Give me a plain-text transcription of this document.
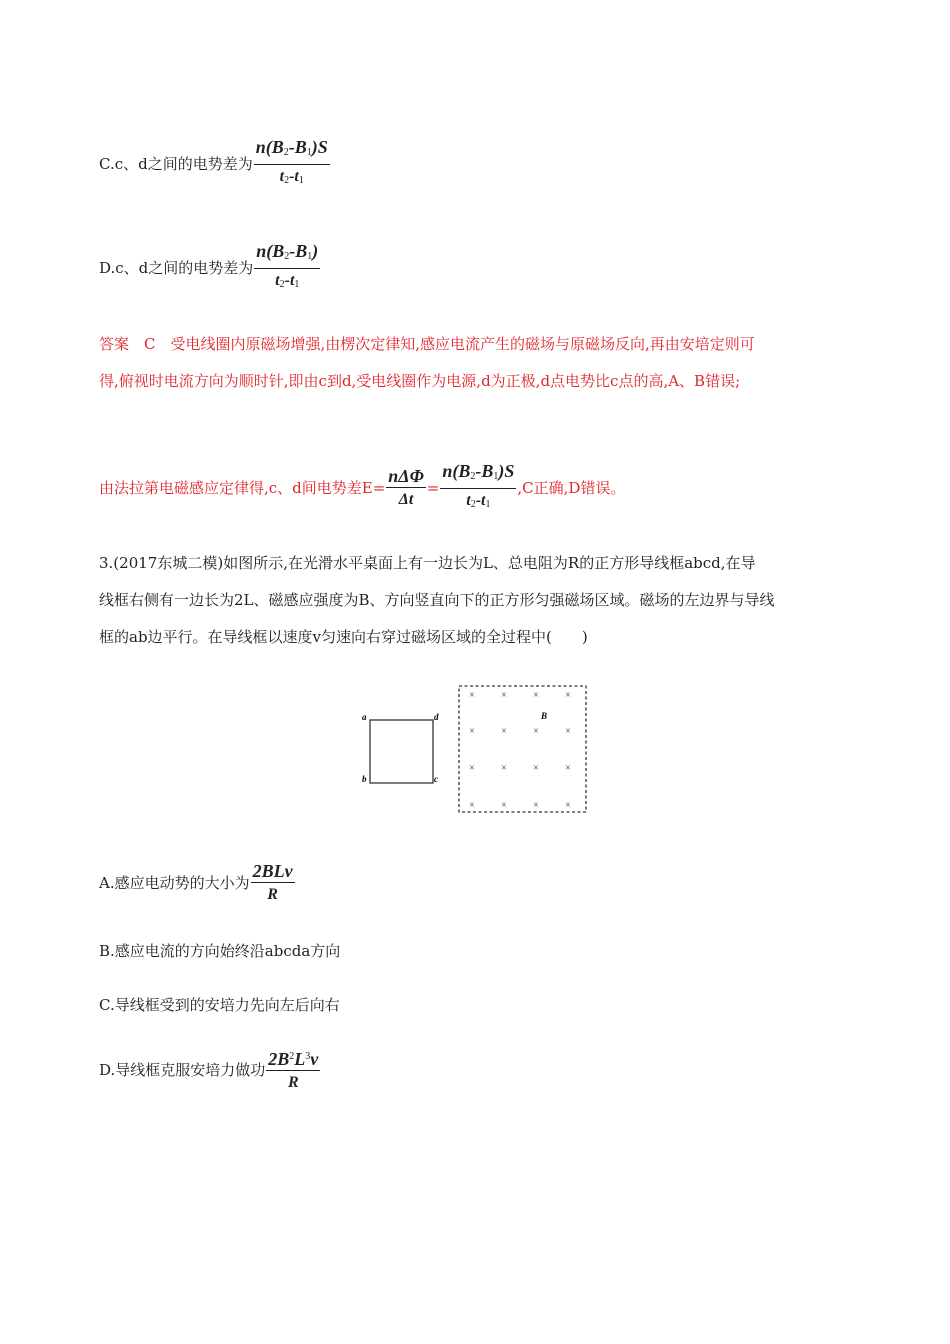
C.c、d之间的电势差为 $\frac{n(B_2-B_1)S}{t_2-t_1}$
D.c、d之间的电势差为 $\frac{n(B_2-B_1)}{t_2-t_1}$
答案　C　受电线圈内原磁场增强,由楞次定律知,感应电流产生的磁场与原磁场反向,再由安培定则可
得,俯视时电流方向为顺时针,即由c到d,受电线圈作为电源,d为正极,d点电势比c点的高,A、B错误;
由法拉第电磁感应定律得,c、d间电势差$E= \frac{\text{nΔΦ}}{\Delta t} = \frac{n(B_2-B_1)S}{t_2-t_1} ,C$正确,D错误。
3.(2017东城二模)如图所示,在光滑水平桌面上有一边长为L、总电阻为R的正方形导线框abcd,在导
线框右侧有一边长为2L、磁感应强度为B、方向竖直向下的正方形匀强磁场区域。磁场的左边界与导线
框的ab边平行。在导线框以速度v匀速向右穿过磁场区域的全过程中(　　)
a
b	c
d	B
×	×	×	×
×	×	×	×
×	×	×	×
×	×	×	×
A.感应电动势的大小为 $\frac{\text{2BLv}}{R}$
B.感应电流的方向始终沿abcda方向
C.导线框受到的安培力先向左后向右
D.导线框克服安培力做功 $\frac{2B^2L^3v}{R}$
